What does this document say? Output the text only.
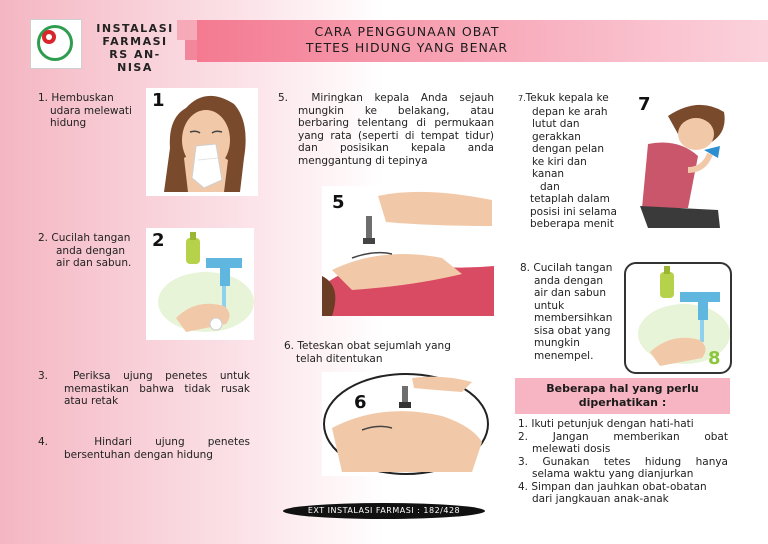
INSTALASI
FARMASI
RS AN-NISA
CARA PENGGUNAAN OBAT
TETES HIDUNG YANG BENAR
1. Hembuskan
udara melewati
hidung
1
2. Cucilah tangan
anda dengan
air dan sabun.
2
3. Periksa ujung penetes untuk
memastikan bahwa tidak rusak
atau retak
4.	Hindari ujung penetes
bersentuhan dengan hidung
5. Miringkan kepala Anda sejauh
mungkin ke belakang, atau
berbaring telentang di permukaan
yang rata (seperti di tempat tidur)
dan posisikan kepala anda
menggantung di tepinya
5
6. Teteskan obat sejumlah yang
telah ditentukan
6
7.Tekuk kepala ke
depan ke arah
lutut dan
gerakkan
dengan pelan
ke kiri dan
kanan
dan
tetaplah dalam
posisi ini selama
beberapa menit
7
8. Cucilah tangan
anda dengan
air dan sabun
untuk
membersihkan
sisa obat yang
mungkin
menempel.	8
Beberapa hal yang perlu
diperhatikan :
1. Ikuti petunjuk dengan hati-hati
2. Jangan memberikan obat
melewati dosis
3. Gunakan tetes hidung hanya
selama waktu yang dianjurkan
4. Simpan dan jauhkan obat-obatan
dari jangkauan anak-anak
EXT INSTALASI FARMASI : 182/428
